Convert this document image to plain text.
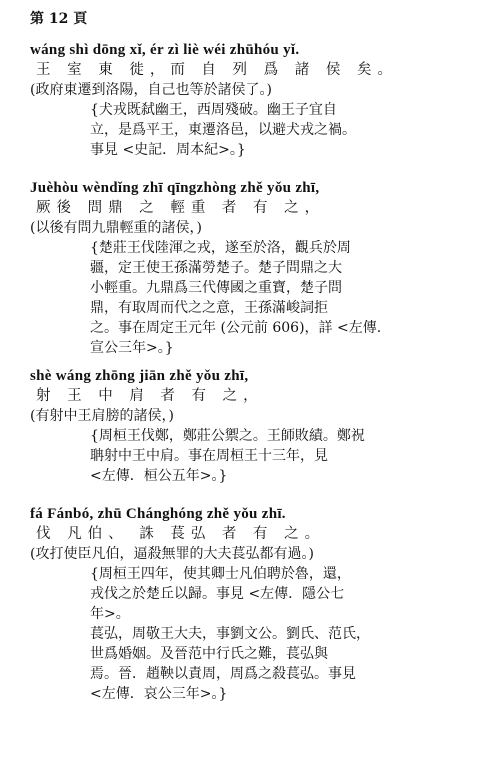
第 12 頁

wáng shì dōng xǐ, ér zì liè wéi zhūhóu yǐ.

王 室 東 徙，而 自 列 爲 諸 侯 矣。

(政府東遷到洛陽，自己也等於諸侯了。)

{犬戎既弑幽王，西周殘破。幽王子宜自
立，是爲平王，東遷洛邑，以避犬戎之禍。
事見 <史記．周本紀>。}

Juèhòu wèndǐng zhī qīngzhòng zhě yǒu zhī,

厥後 問鼎 之 輕重 者 有 之，

(以後有問九鼎輕重的諸侯，)

{楚莊王伐陸渾之戎，遂至於洛，觀兵於周
疆，定王使王孫滿勞楚子。楚子問鼎之大
小輕重。九鼎爲三代傳國之重寶，楚子問
鼎，有取周而代之之意，王孫滿峻詞拒
之。事在周定王元年 (公元前 606)，詳 <左傳.
宣公三年>。}

shè wáng zhōng jiān zhě yǒu zhī,

射 王 中 肩 者 有 之，

(有射中王肩膀的諸侯，)

{周桓王伐鄭，鄭莊公禦之。王師敗績。鄭祝
聃射中王中肩。事在周桓王十三年，見
<左傳．桓公五年>。}

fá Fánbó, zhū Chánghóng zhě yǒu zhī.

伐 凡伯、 誅 萇弘 者 有 之。

(攻打使臣凡伯，逼殺無罪的大夫萇弘都有過。)

{周桓王四年，使其卿士凡伯聘於魯，還，
戎伐之於楚丘以歸。事見 <左傳．隱公七
年>。
萇弘，周敬王大夫，事劉文公。劉氏、范氏，
世爲婚姻。及晉范中行氏之難，萇弘與
焉。晉．趙鞅以責周，周爲之殺萇弘。事見
<左傳．哀公三年>。}
